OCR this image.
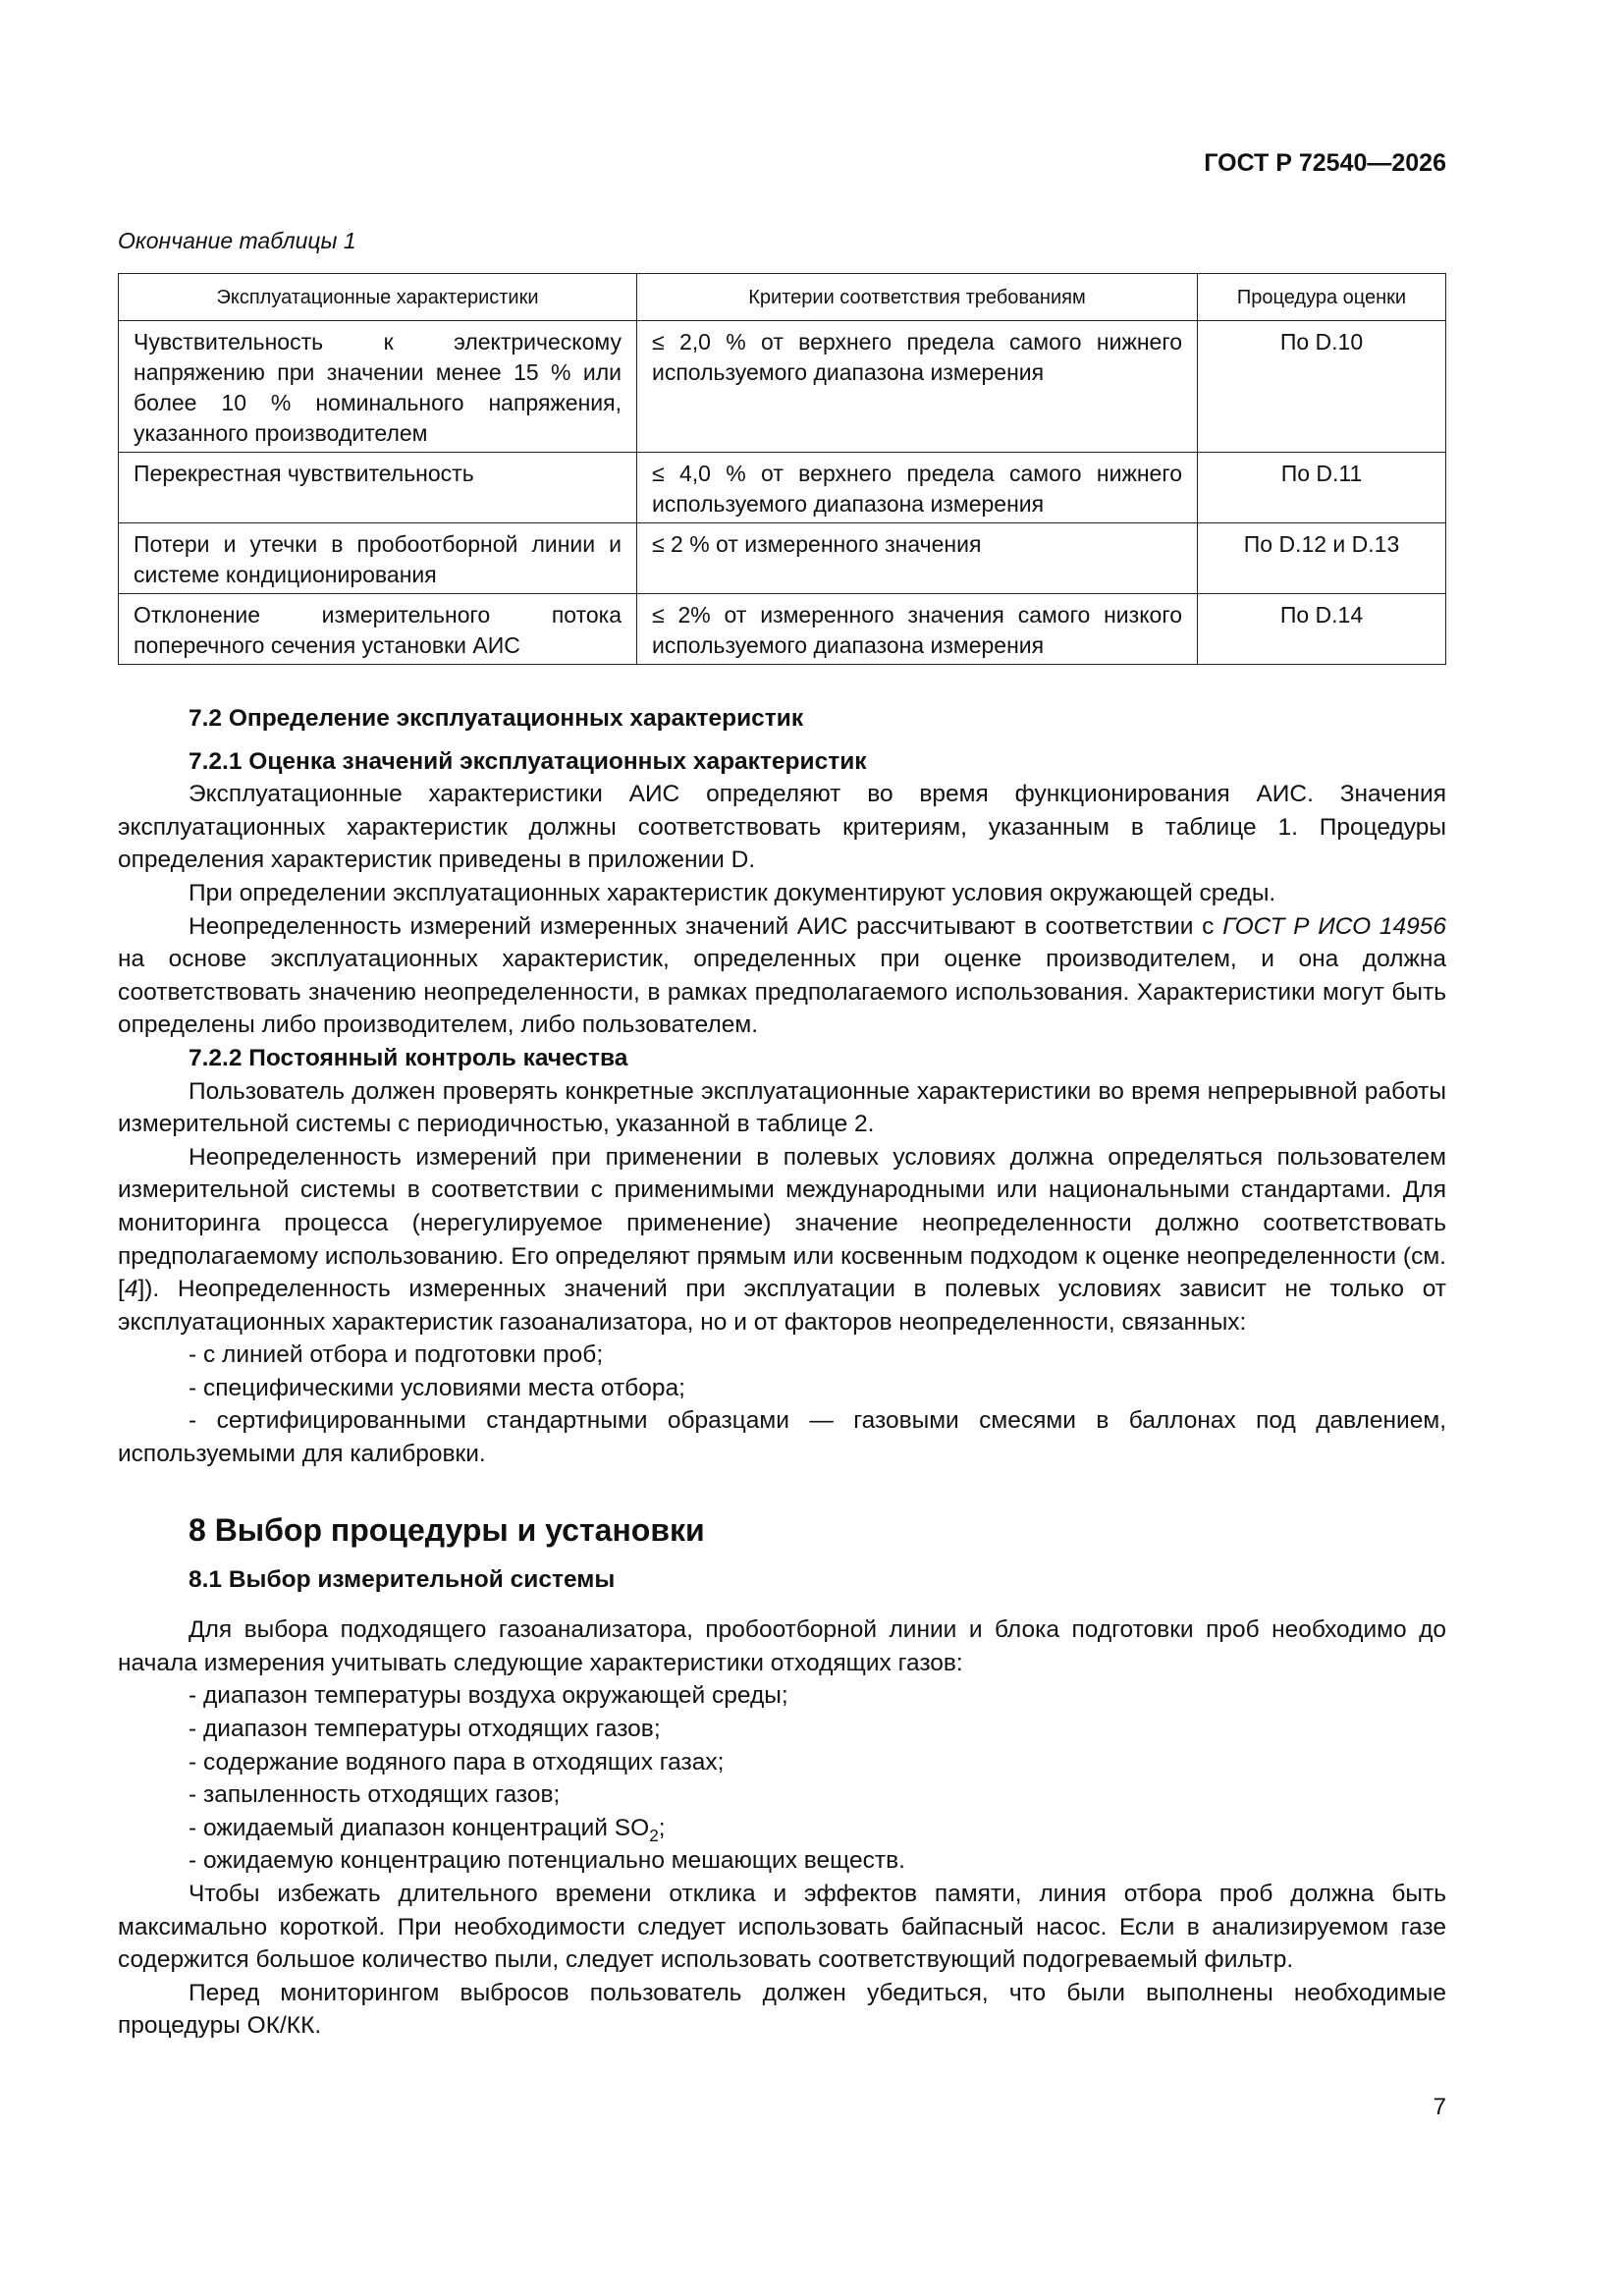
ГОСТ Р 72540—2026
Окончание таблицы 1
Эксплуатационные характеристики	Критерии соответствия требованиям	Процедура оценки
Чувствительность к электрическому напряжению при значении менее 15 % или более 10 % номинального напряжения, указанного производителем	≤ 2,0 % от верхнего предела самого нижнего используемого диапазона измерения	По D.10
Перекрестная чувствительность	≤ 4,0 % от верхнего предела самого нижнего используемого диапазона измерения	По D.11
Потери и утечки в пробоотборной линии и системе кондиционирования	≤ 2 % от измеренного значения	По D.12 и D.13
Отклонение измерительного потока поперечного сечения установки АИС	≤ 2% от измеренного значения самого низкого используемого диапазона измерения	По D.14
7.2 Определение эксплуатационных характеристик
7.2.1 Оценка значений эксплуатационных характеристик

Эксплуатационные характеристики АИС определяют во время функционирования АИС. Значения эксплуатационных характеристик должны соответствовать критериям, указанным в таблице 1. Процедуры определения характеристик приведены в приложении D.

При определении эксплуатационных характеристик документируют условия окружающей среды.

Неопределенность измерений измеренных значений АИС рассчитывают в соответствии с ГОСТ Р ИСО 14956 на основе эксплуатационных характеристик, определенных при оценке производителем, и она должна соответствовать значению неопределенности, в рамках предполагаемого использования. Характеристики могут быть определены либо производителем, либо пользователем.

7.2.2 Постоянный контроль качества

Пользователь должен проверять конкретные эксплуатационные характеристики во время непрерывной работы измерительной системы с периодичностью, указанной в таблице 2.

Неопределенность измерений при применении в полевых условиях должна определяться пользователем измерительной системы в соответствии с применимыми международными или национальными стандартами. Для мониторинга процесса (нерегулируемое применение) значение неопределенности должно соответствовать предполагаемому использованию. Его определяют прямым или косвенным подходом к оценке неопределенности (см. [4]). Неопределенность измеренных значений при эксплуатации в полевых условиях зависит не только от эксплуатационных характеристик газоанализатора, но и от факторов неопределенности, связанных:

- с линией отбора и подготовки проб;

- специфическими условиями места отбора;

- сертифицированными стандартными образцами — газовыми смесями в баллонах под давлением, используемыми для калибровки.

8 Выбор процедуры и установки
8.1 Выбор измерительной системы

Для выбора подходящего газоанализатора, пробоотборной линии и блока подготовки проб необходимо до начала измерения учитывать следующие характеристики отходящих газов:

- диапазон температуры воздуха окружающей среды;

- диапазон температуры отходящих газов;

- содержание водяного пара в отходящих газах;

- запыленность отходящих газов;

- ожидаемый диапазон концентраций $SO_2$;

- ожидаемую концентрацию потенциально мешающих веществ.

Чтобы избежать длительного времени отклика и эффектов памяти, линия отбора проб должна быть максимально короткой. При необходимости следует использовать байпасный насос. Если в анализируемом газе содержится большое количество пыли, следует использовать соответствующий подогреваемый фильтр.

Перед мониторингом выбросов пользователь должен убедиться, что были выполнены необходимые процедуры ОК/КК.

7
